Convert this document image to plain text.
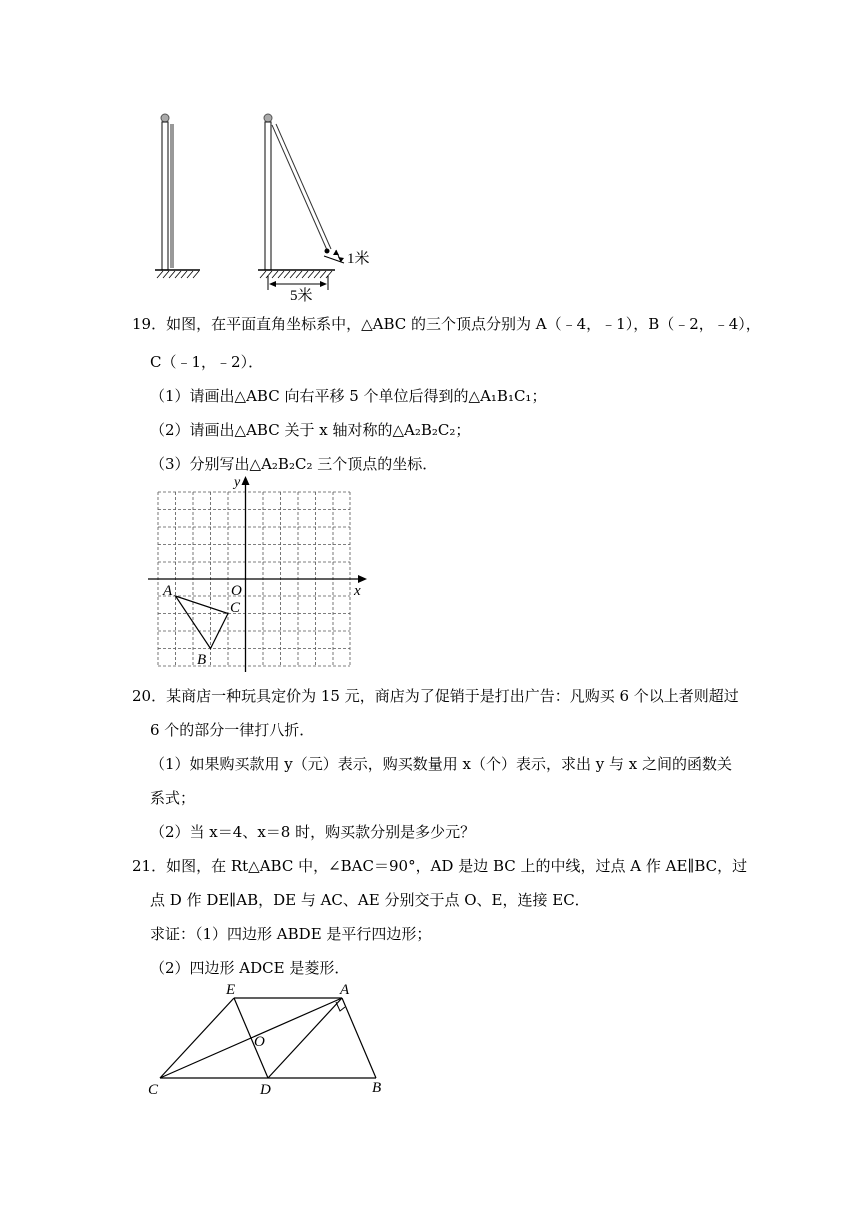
1米
5米
19．如图，在平面直角坐标系中，△ABC 的三个顶点分别为 A（﹣4，﹣1），B（﹣2，﹣4），
C（﹣1，﹣2）．
（1）请画出△ABC 向右平移 5 个单位后得到的△A₁B₁C₁；
（2）请画出△ABC 关于 x 轴对称的△A₂B₂C₂；
（3）分别写出△A₂B₂C₂ 三个顶点的坐标．
y
x
O
A
B
C
20．某商店一种玩具定价为 15 元，商店为了促销于是打出广告：凡购买 6 个以上者则超过
6 个的部分一律打八折．
（1）如果购买款用 y（元）表示，购买数量用 x（个）表示，求出 y 与 x 之间的函数关
系式；
（2）当 x＝4、x＝8 时，购买款分别是多少元？
21．如图，在 Rt△ABC 中，∠BAC＝90°，AD 是边 BC 上的中线，过点 A 作 AE∥BC，过
点 D 作 DE∥AB，DE 与 AC、AE 分别交于点 O、E，连接 EC．
求证：（1）四边形 ABDE 是平行四边形；
（2）四边形 ADCE 是菱形．
E	A
O
C	D	B
